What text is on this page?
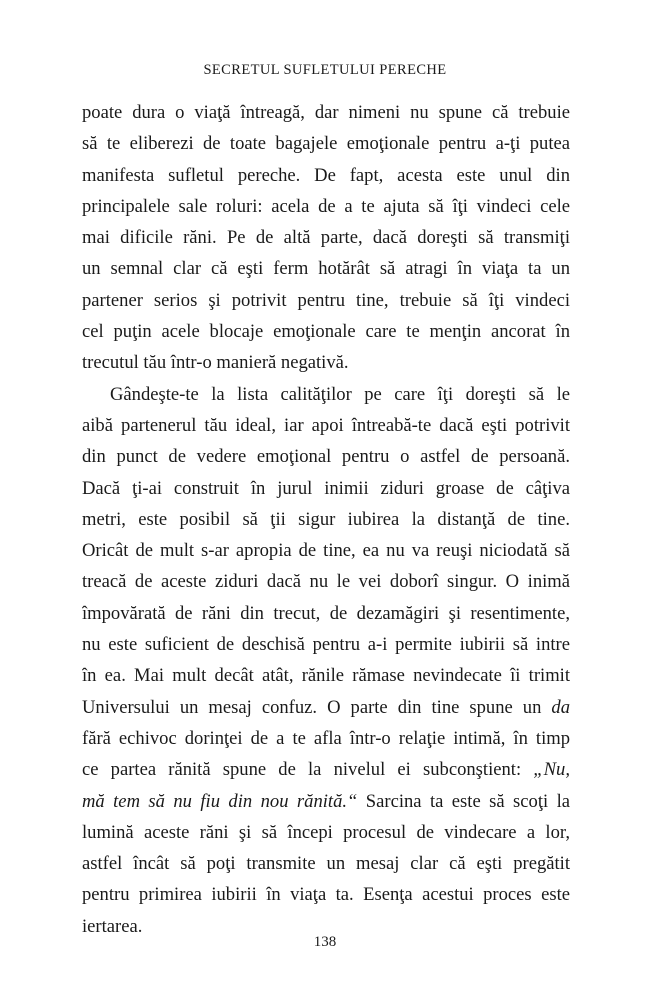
SECRETUL SUFLETULUI PERECHE
poate dura o viaţă întreagă, dar nimeni nu spune că trebuie
să te eliberezi de toate bagajele emoţionale pentru a-ţi putea
manifesta sufletul pereche. De fapt, acesta este unul din
principalele sale roluri: acela de a te ajuta să îţi vindeci cele
mai dificile răni. Pe de altă parte, dacă doreşti să transmiţi
un semnal clar că eşti ferm hotărât să atragi în viaţa ta un
partener serios şi potrivit pentru tine, trebuie să îţi vindeci
cel puţin acele blocaje emoţionale care te menţin ancorat în
trecutul tău într-o manieră negativă.
Gândeşte-te la lista calităţilor pe care îţi doreşti să le
aibă partenerul tău ideal, iar apoi întreabă-te dacă eşti potrivit
din punct de vedere emoţional pentru o astfel de persoană.
Dacă ţi-ai construit în jurul inimii ziduri groase de câţiva
metri, este posibil să ţii sigur iubirea la distanţă de tine.
Oricât de mult s-ar apropia de tine, ea nu va reuşi niciodată să
treacă de aceste ziduri dacă nu le vei doborî singur. O inimă
împovărată de răni din trecut, de dezamăgiri şi resentimente,
nu este suficient de deschisă pentru a-i permite iubirii să intre
în ea. Mai mult decât atât, rănile rămase nevindecate îi trimit
Universului un mesaj confuz. O parte din tine spune un da
fără echivoc dorinţei de a te afla într-o relaţie intimă, în timp
ce partea rănită spune de la nivelul ei subconştient: „Nu,
mă tem să nu fiu din nou rănită.“ Sarcina ta este să scoţi la
lumină aceste răni şi să începi procesul de vindecare a lor,
astfel încât să poţi transmite un mesaj clar că eşti pregătit
pentru primirea iubirii în viaţa ta. Esenţa acestui proces este
iertarea.
138
